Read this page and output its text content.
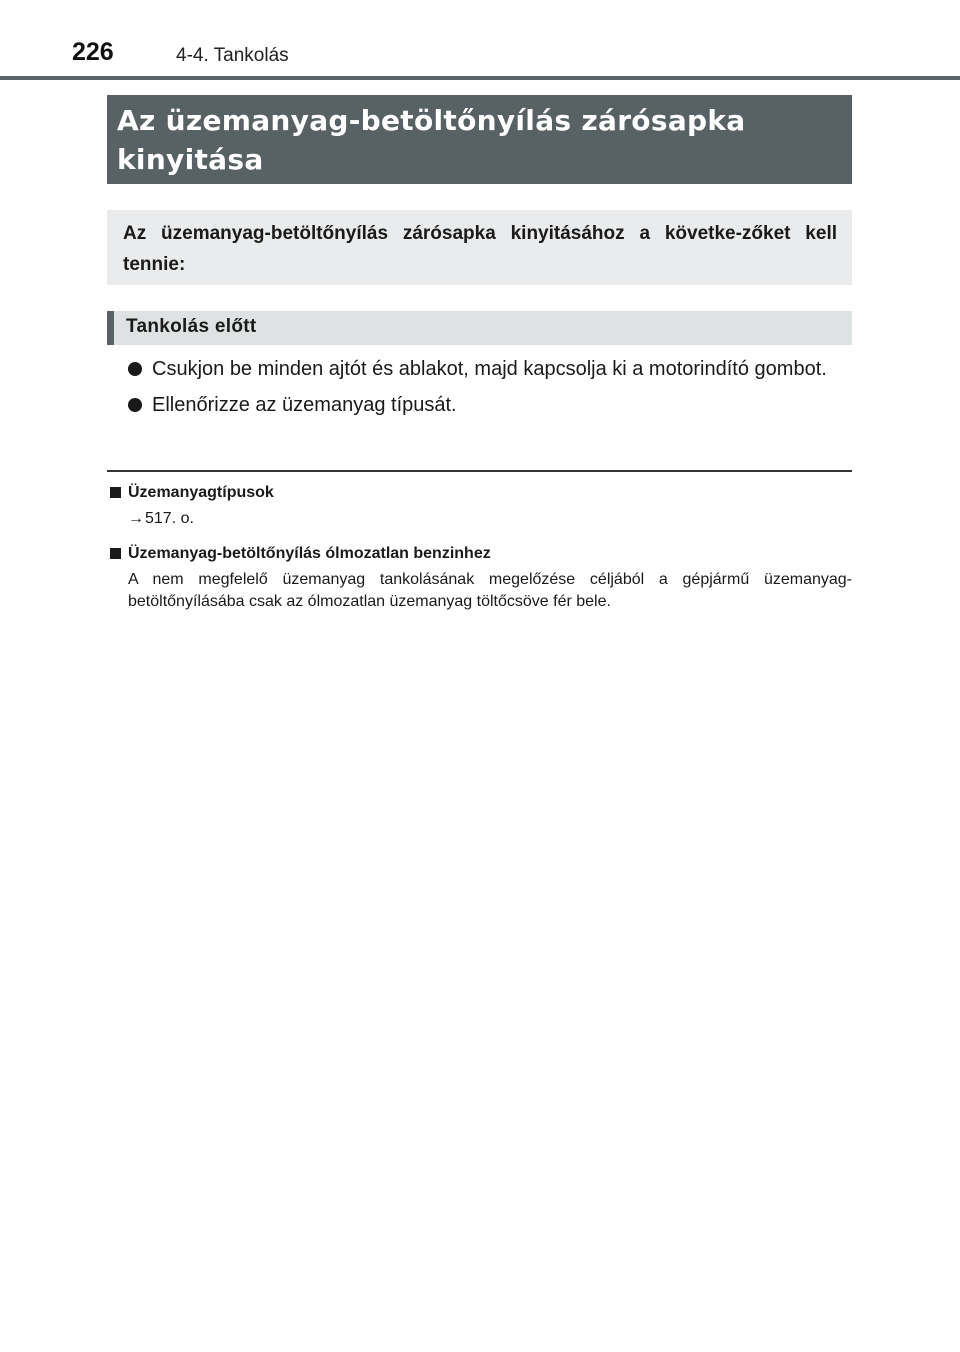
226	4-4. Tankolás
Az üzemanyag-betöltőnyílás zárósapka kinyitása
Az üzemanyag-betöltőnyílás zárósapka kinyitásához a követke-zőket kell tennie:
Tankolás előtt
Csukjon be minden ajtót és ablakot, majd kapcsolja ki a motorindító gombot.
Ellenőrizze az üzemanyag típusát.
Üzemanyagtípusok
→517. o.
Üzemanyag-betöltőnyílás ólmozatlan benzinhez
A nem megfelelő üzemanyag tankolásának megelőzése céljából a gépjármű üzemanyag-betöltőnyílásába csak az ólmozatlan üzemanyag töltőcsöve fér bele.
